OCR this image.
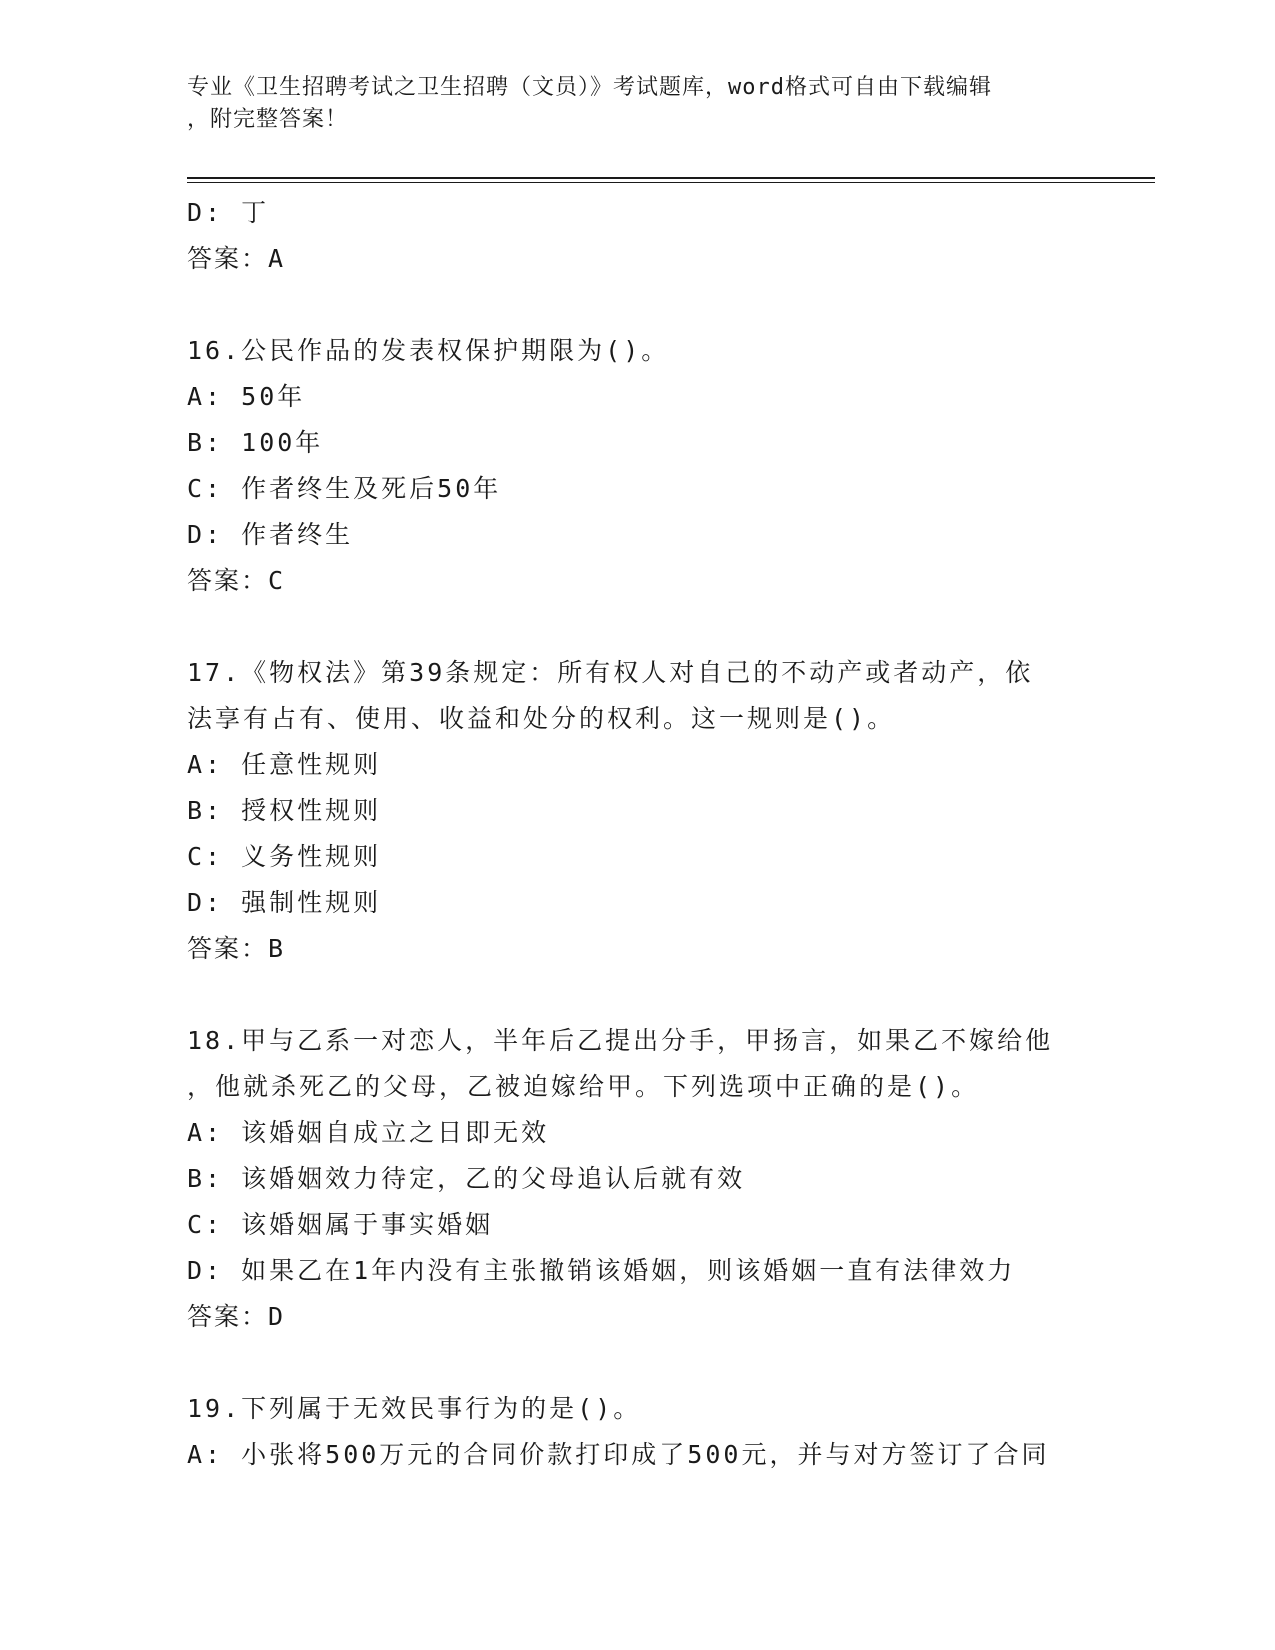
专业《卫生招聘考试之卫生招聘（文员）》考试题库，word格式可自由下载编辑
，附完整答案！

D: 丁

答案：A

16.公民作品的发表权保护期限为()。

A: 50年

B: 100年

C: 作者终生及死后50年

D: 作者终生

答案：C

17.《物权法》第39条规定：所有权人对自己的不动产或者动产，依

法享有占有、使用、收益和处分的权利。这一规则是()。

A: 任意性规则

B: 授权性规则

C: 义务性规则

D: 强制性规则

答案：B

18.甲与乙系一对恋人，半年后乙提出分手，甲扬言，如果乙不嫁给他

，他就杀死乙的父母，乙被迫嫁给甲。下列选项中正确的是()。

A: 该婚姻自成立之日即无效

B: 该婚姻效力待定，乙的父母追认后就有效

C: 该婚姻属于事实婚姻

D: 如果乙在1年内没有主张撤销该婚姻，则该婚姻一直有法律效力

答案：D

19.下列属于无效民事行为的是()。

A: 小张将500万元的合同价款打印成了500元，并与对方签订了合同
